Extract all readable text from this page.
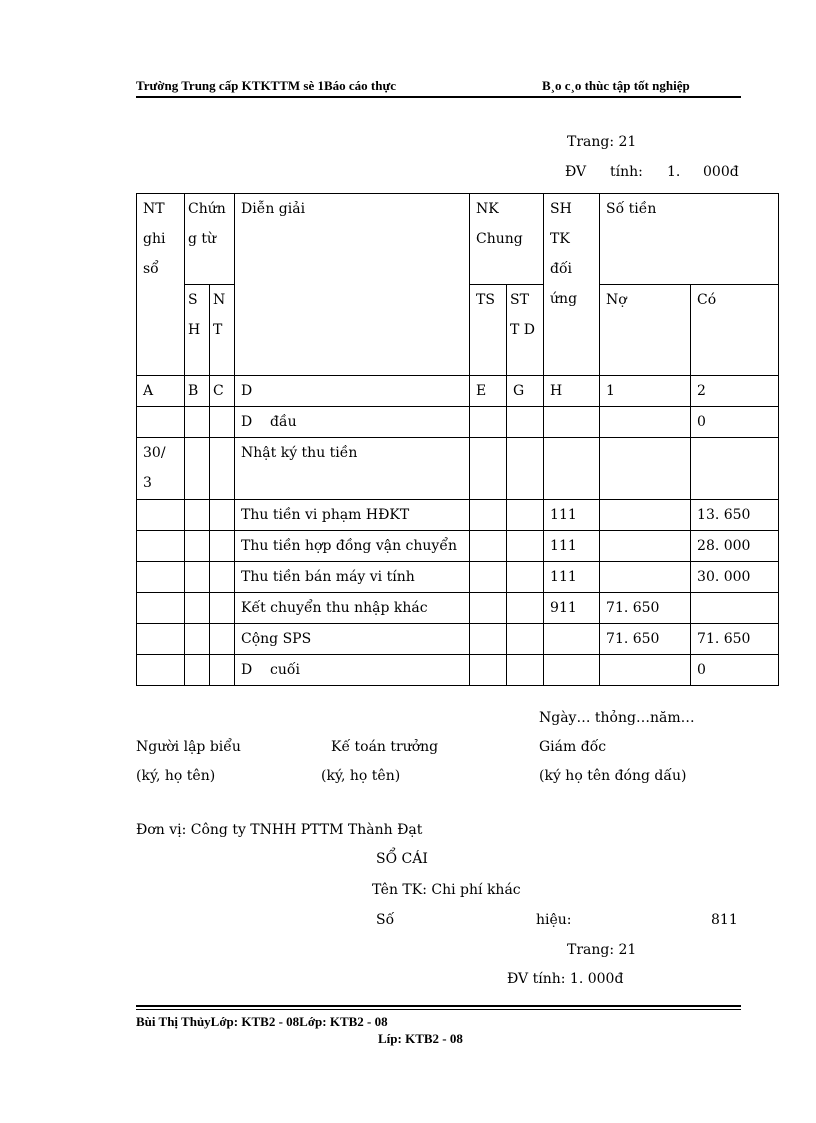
Trường Trung cấp KTKTTM sè 1Báo cáo thực	B¸o c¸o thùc tập tốt nghiệp
Trang: 21
ĐV tính: 1. 000đ
NT ghi sổ	Chứng từ		Diễn giải	NK Chung		SH TK đối ứng	Số tiền	
	S H	N T		TS	ST T D		Nợ	Có
A	B	C	D	E	G	H	1	2
			D    đầu					0
30/ 3			Nhật ký thu tiền					
			Thu tiền vi phạm HĐKT			111		13. 650
			Thu tiền hợp đồng vận chuyển			111		28. 000
			Thu tiền bán máy vi tính			111		30. 000
			Kết chuyển thu nhập khác			911	71. 650	
			Cộng SPS				71. 650	71. 650
			D    cuối					0
Ngày… thỏng…năm…
Người lập biểu	Kế toán trưởng	Giám đốc
(ký, họ tên)	(ký, họ tên)	(ký họ tên đóng dấu)
Đơn vị: Công ty TNHH PTTM Thành Đạt
SỔ CÁI
Tên TK: Chi phí khác
Số	hiệu:	811
Trang: 21
ĐV tính: 1. 000đ
Bùi Thị ThủyLớp: KTB2 - 08Lớp: KTB2 - 08
Líp: KTB2 - 08
